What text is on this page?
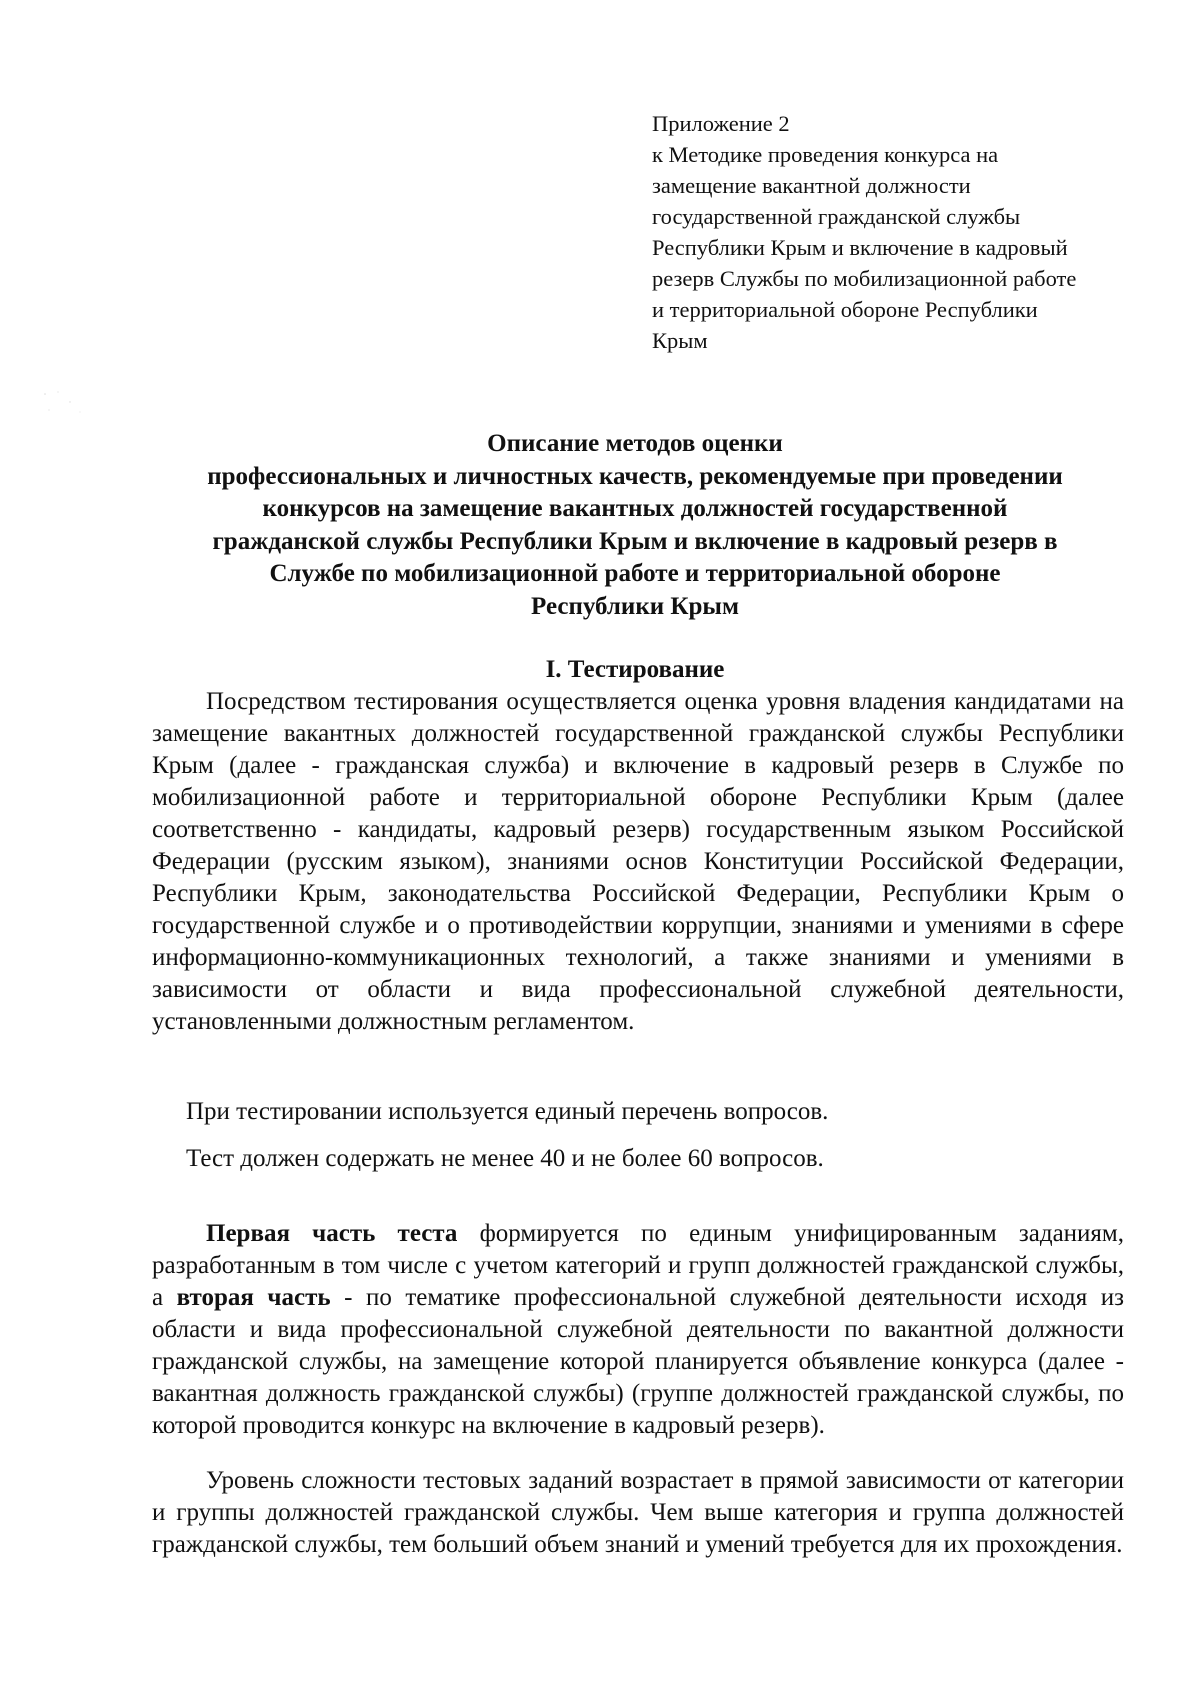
Приложение 2
к Методике проведения конкурса на
замещение вакантной должности
государственной гражданской службы
Республики Крым и включение в кадровый
резерв Службы по мобилизационной работе
и территориальной обороне Республики
Крым
Описание методов оценки
профессиональных и личностных качеств, рекомендуемые при проведении
конкурсов на замещение вакантных должностей государственной
гражданской службы Республики Крым и включение в кадровый резерв в
Службе по мобилизационной работе и территориальной обороне
Республики Крым
I. Тестирование

Посредством тестирования осуществляется оценка уровня владения кандидатами на замещение вакантных должностей государственной гражданской службы Республики Крым (далее - гражданская служба) и включение в кадровый резерв в Службе по мобилизационной работе и территориальной обороне Республики Крым (далее соответственно - кандидаты, кадровый резерв) государственным языком Российской Федерации (русским языком), знаниями основ Конституции Российской Федерации, Республики Крым, законодательства Российской Федерации, Республики Крым о государственной службе и о противодействии коррупции, знаниями и умениями в сфере информационно-коммуникационных технологий, а также знаниями и умениями в зависимости от области и вида профессиональной служебной деятельности, установленными должностным регламентом.

При тестировании используется единый перечень вопросов.

Тест должен содержать не менее 40 и не более 60 вопросов.

Первая часть теста формируется по единым унифицированным заданиям, разработанным в том числе с учетом категорий и групп должностей гражданской службы, а вторая часть - по тематике профессиональной служебной деятельности исходя из области и вида профессиональной служебной деятельности по вакантной должности гражданской службы, на замещение которой планируется объявление конкурса (далее - вакантная должность гражданской службы) (группе должностей гражданской службы, по которой проводится конкурс на включение в кадровый резерв).

Уровень сложности тестовых заданий возрастает в прямой зависимости от категории и группы должностей гражданской службы. Чем выше категория и группа должностей гражданской службы, тем больший объем знаний и умений требуется для их прохождения.
